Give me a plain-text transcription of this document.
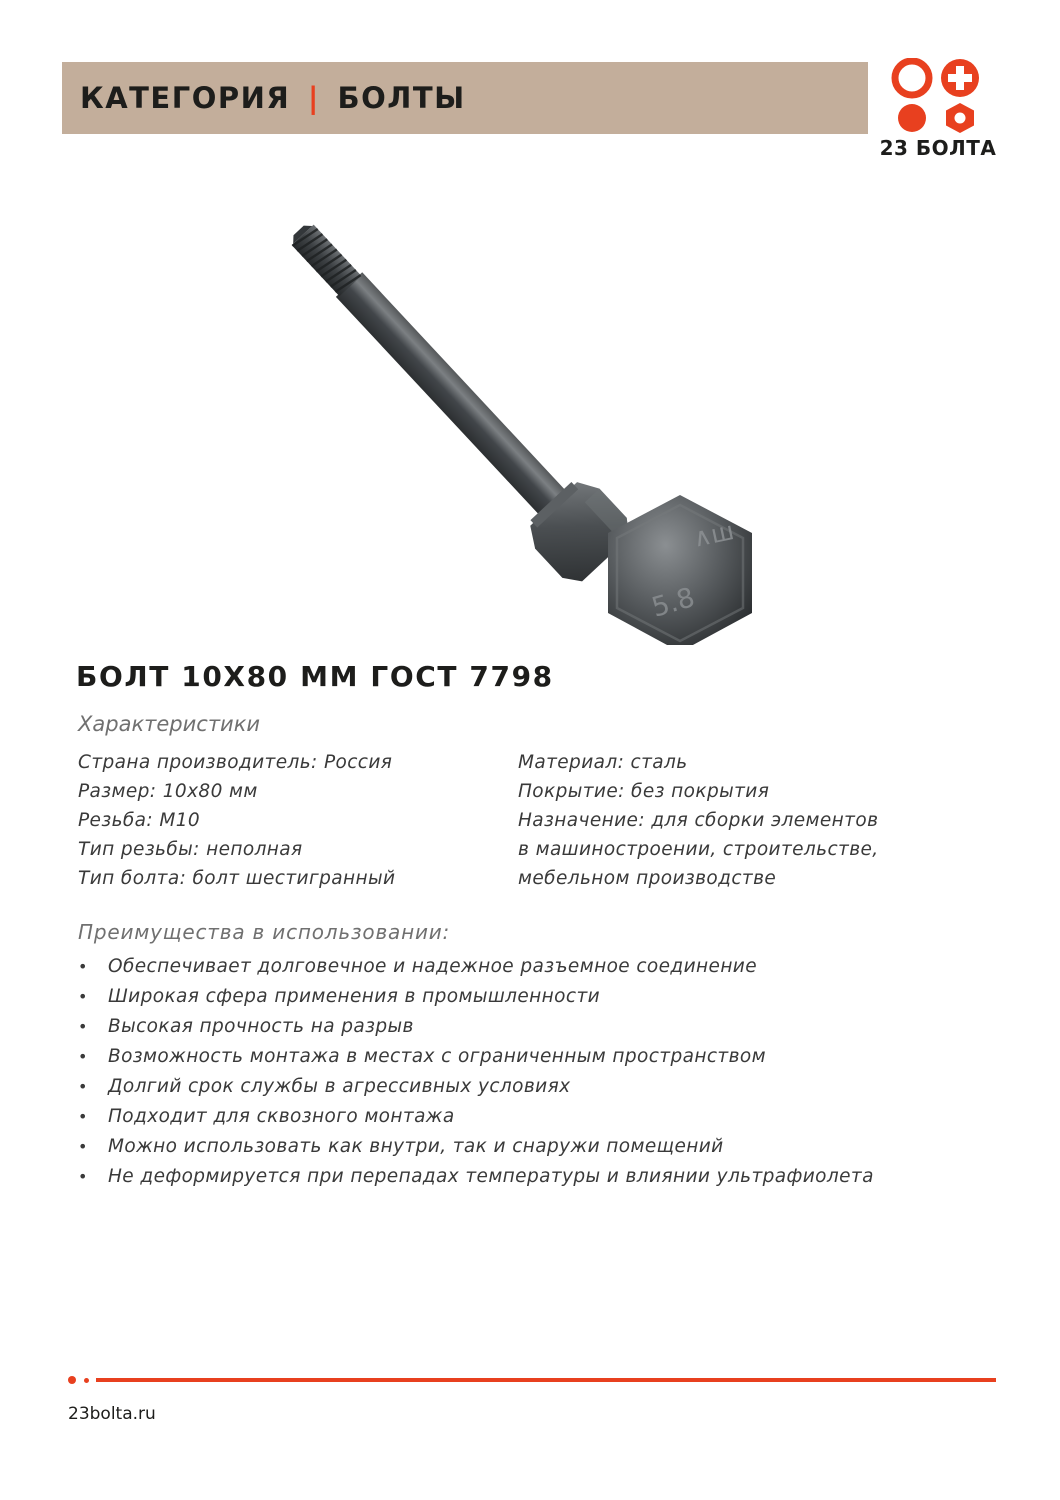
КАТЕГОРИЯ | БОЛТЫ
23 БОЛТА
∧ш
5.8
БОЛТ 10X80 ММ ГОСТ 7798
Характеристики
Страна производитель: Россия
Размер: 10x80 мм
Резьба: М10
Тип резьбы: неполная
Тип болта: болт шестигранный
Материал: сталь
Покрытие: без покрытия
Назначение: для сборки элементов
в машиностроении, строительстве,
мебельном производстве
Преимущества в использовании:
•	Обеспечивает долговечное и надежное разъемное соединение
•	Широкая сфера применения в промышленности
•	Высокая прочность на разрыв
•	Возможность монтажа в местах с ограниченным пространством
•	Долгий срок службы в агрессивных условиях
•	Подходит для сквозного монтажа
•	Можно использовать как внутри, так и снаружи помещений
•	Не деформируется при перепадах температуры и влиянии ультрафиолета
23bolta.ru
